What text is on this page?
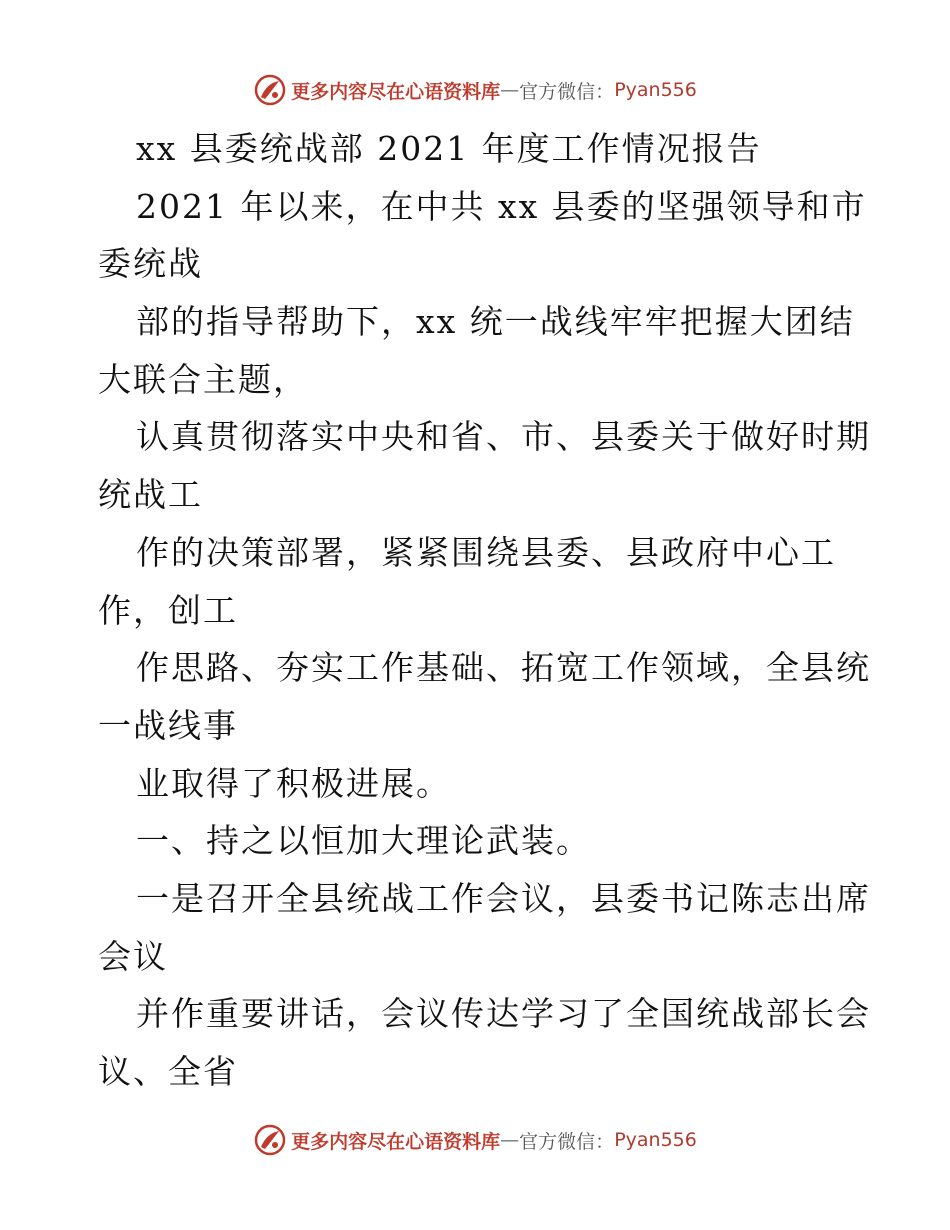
更多内容尽在心语资料库 — 官方微信： Pyan556
xx 县委统战部 2021 年度工作情况报告
2021 年以来，在中共 xx 县委的坚强领导和市
委统战
部的指导帮助下，xx 统一战线牢牢把握大团结
大联合主题，
认真贯彻落实中央和省、市、县委关于做好时期
统战工
作的决策部署，紧紧围绕县委、县政府中心工
作，创工
作思路、夯实工作基础、拓宽工作领域，全县统
一战线事
业取得了积极进展。
一、持之以恒加大理论武装。
一是召开全县统战工作会议，县委书记陈志出席
会议
并作重要讲话，会议传达学习了全国统战部长会
议、全省
更多内容尽在心语资料库 — 官方微信： Pyan556
